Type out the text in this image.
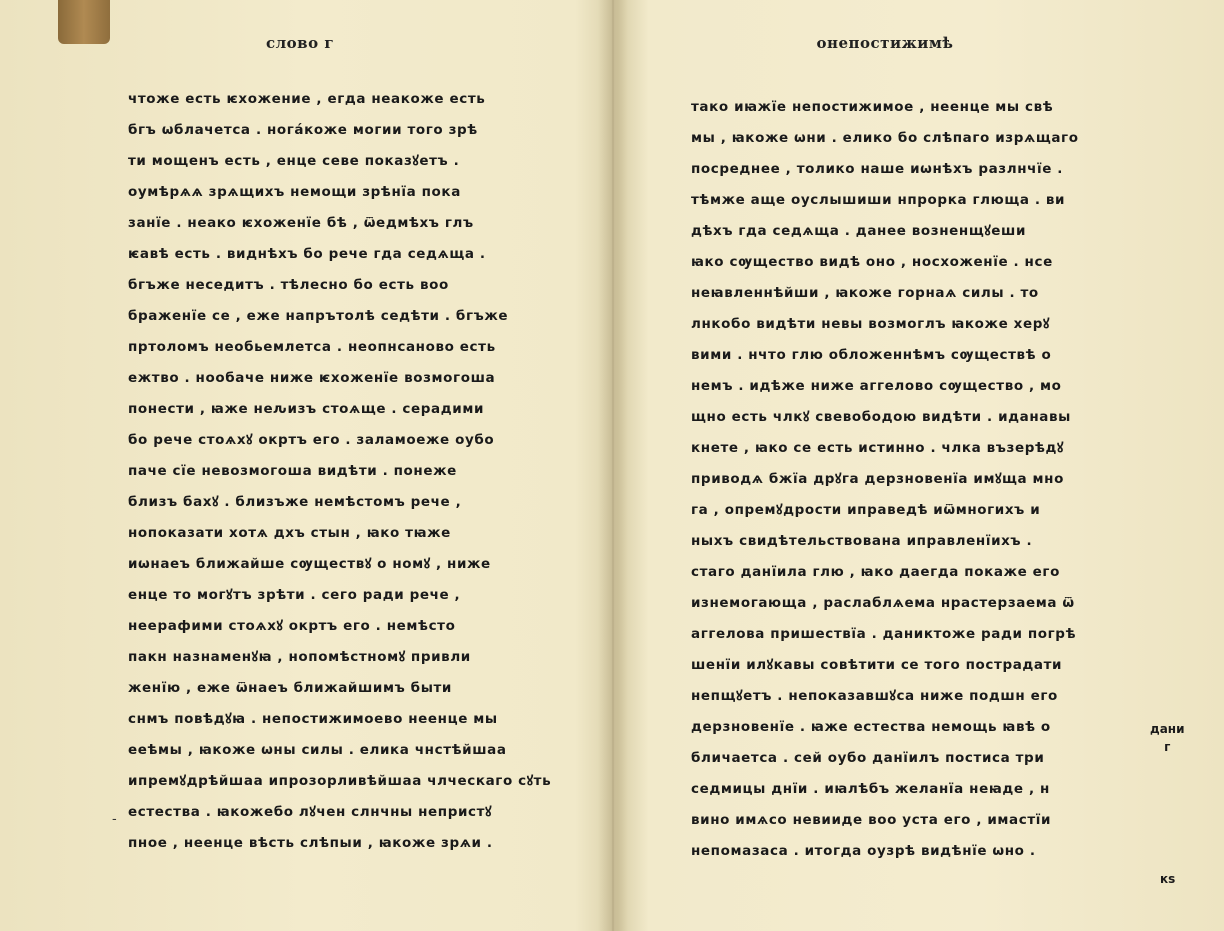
слово г
чтоже есть ѥхожение , егда неакоже есть
бгъ ѡблачетса . нога́коже могии того зрѣ
ти мощенъ есть , енце севе показꙋетъ .
оумѣрѧѧ зрѧщихъ немощи зрѣнїа пока
занїе . неако ѥхоженїе бѣ , ѿедмѣхъ глъ
ѥавѣ есть . виднѣхъ бо рече гда седѧща .
бгъже неседитъ . тѣлесно бо есть воо
браженїе се , еже напрътолѣ седѣти . бгъже
пртоломъ необьемлетса . неопнсаново есть
ежтво . нообаче ниже ѥхоженїе возмогоша
понести , ꙗже неԉизъ стоѧще . серадими
бо рече стоѧхꙋ окртъ его . заламоеже оубо
паче сїе невозмогоша видѣти . понеже
близъ бахꙋ . близъже немѣстомъ рече ,
нопоказати хотѧ дхъ стын , ꙗко тꙗже
иѡнаеъ ближайше сѹществꙋ о номꙋ , ниже
енце то могꙋтъ зрѣти . сего ради рече ,
неерафими стоѧхꙋ окртъ его . немѣсто
пакн назнаменꙋꙗ , нопомѣстномꙋ привли
женїю , еже ѿнаеъ ближайшимъ быти
снмъ повѣдꙋꙗ . непостижимоево неенце мы
ееѣмы , ꙗкоже ѡны силы . елика чнстѣйшаа
ипремꙋдрѣйшаа ипрозорливѣйшаа члческаго сꙋть
естества . ꙗкожебо лꙋчен слнчны непристꙋ
пное , неенце вѣсть слѣпыи , ꙗкоже зрѧи .
онепостижимѣ
тако иꙗжїе непостижимое , неенце мы свѣ
мы , ꙗкоже ѡни . елико бо слѣпаго изрѧщаго
посреднее , толико наше иѡнѣхъ разлнчїе .
тѣмже аще оуслышиши нпрорка глюща . ви
дѣхъ гда седѧща . данее возненщꙋеши
ꙗко сѹщество видѣ оно , носхоженїе . нсе
неꙗвленнѣйши , ꙗкоже горнаѧ силы . то
лнкобо видѣти невы возмоглъ ꙗкоже херꙋ
вими . нчто глю обложеннѣмъ сѹществѣ о
немъ . идѣже ниже аггелово сѹщество , мо
щно есть члкꙋ свевободою видѣти . иданавы
кнете , ꙗко се есть истинно . члка възерѣдꙋ
приводѧ бжїа дрꙋга дерзновенїа имꙋща мно
га , опремꙋдрости иправедѣ иѿмногихъ и
ныхъ свидѣтельствована иправленїихъ .
стаго данїила глю , ꙗко даегда покаже его
изнемогающа , раслаблѧема нрастерзаема ѿ
аггелова пришествїа . даниктоже ради погрѣ
шенїи илꙋкавы совѣтити се того пострадати
непщꙋетъ . непоказавшꙋса ниже подшн его
дерзновенїе . ꙗже естества немощь ꙗвѣ о
бличаетса . сей оубо данїилъ постиса три
седмицы днїи . иꙗлѣбъ желанїа неꙗде , н
вино имѧсо невииде воо уста его , имастїи
непомазаса . итогда оузрѣ видѣнїе ѡно .
-
дани
г
кѕ
